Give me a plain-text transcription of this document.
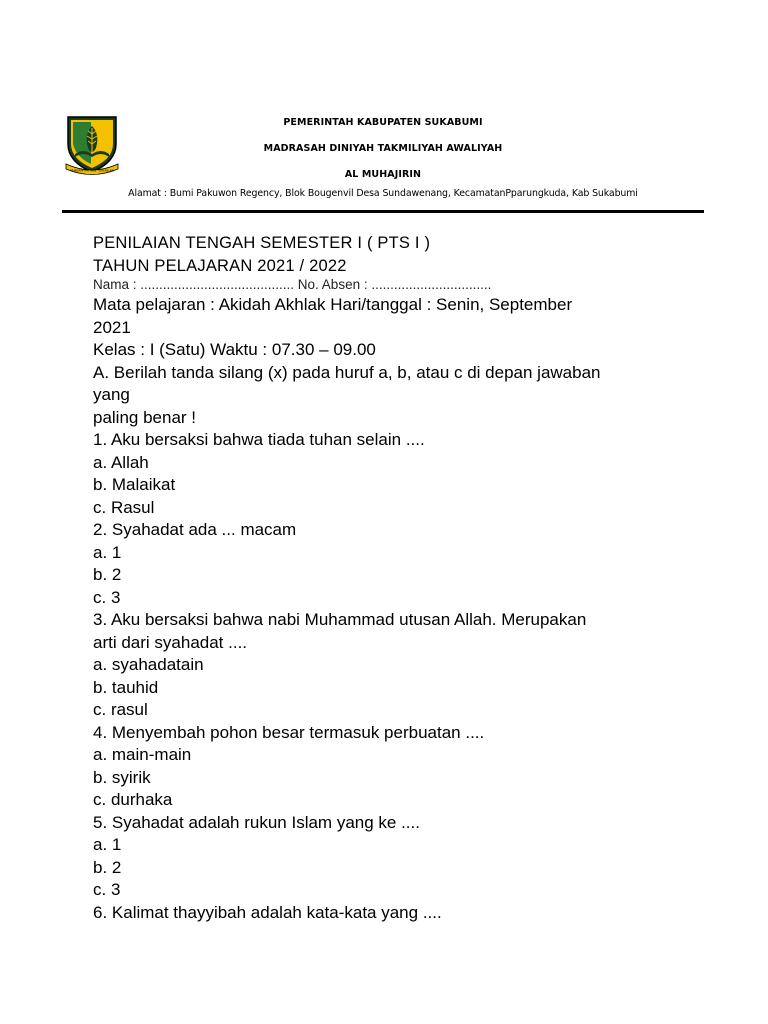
PEMERINTAH KAB. SUKABUMI
PEMERINTAH KABUPATEN SUKABUMI
MADRASAH DINIYAH TAKMILIYAH AWALIYAH
AL MUHAJIRIN
Alamat : Bumi Pakuwon Regency, Blok Bougenvil Desa Sundawenang, KecamatanPparungkuda, Kab Sukabumi
PENILAIAN TENGAH SEMESTER I ( PTS I )
TAHUN PELAJARAN 2021 / 2022
Nama : ......................................... No. Absen : ................................
Mata pelajaran : Akidah Akhlak Hari/tanggal : Senin, September
2021
Kelas : I (Satu) Waktu : 07.30 – 09.00
A. Berilah tanda silang (x) pada huruf a, b, atau c di depan jawaban
yang
paling benar !
1. Aku bersaksi bahwa tiada tuhan selain ....
a. Allah
b. Malaikat
c. Rasul
2. Syahadat ada ... macam
a. 1
b. 2
c. 3
3. Aku bersaksi bahwa nabi Muhammad utusan Allah. Merupakan
arti dari syahadat ....
a. syahadatain
b. tauhid
c. rasul
4. Menyembah pohon besar termasuk perbuatan ....
a. main-main
b. syirik
c. durhaka
5. Syahadat adalah rukun Islam yang ke ....
a. 1
b. 2
c. 3
6. Kalimat thayyibah adalah kata-kata yang ....
